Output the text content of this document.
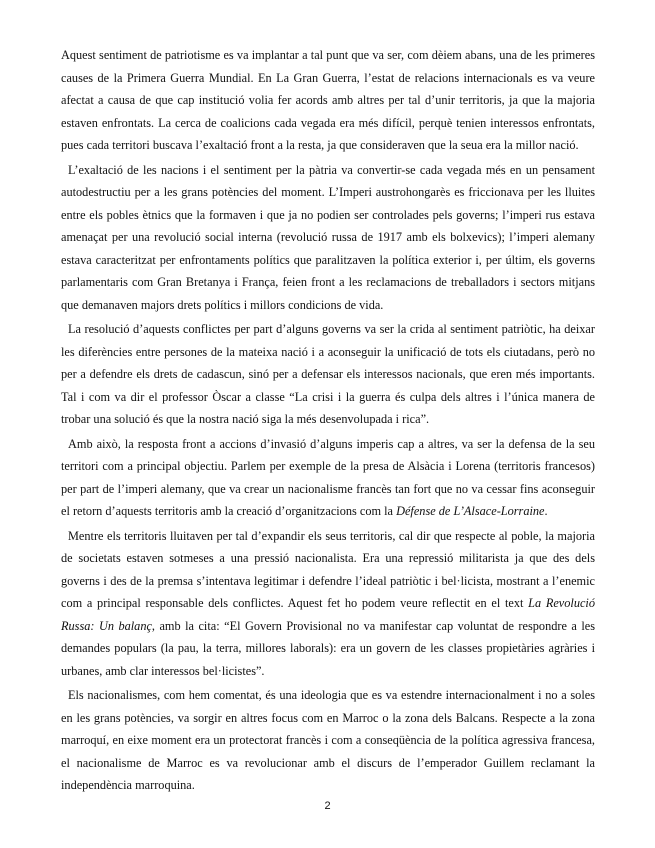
Aquest sentiment de patriotisme es va implantar a tal punt que va ser, com dèiem abans, una de les primeres causes de la Primera Guerra Mundial. En La Gran Guerra, l’estat de relacions internacionals es va veure afectat a causa de que cap institució volia fer acords amb altres per tal d’unir territoris, ja que la majoria estaven enfrontats. La cerca de coalicions cada vegada era més difícil, perquè tenien interessos enfrontats, pues cada territori buscava l’exaltació front a la resta, ja que consideraven que la seua era la millor nació.

L’exaltació de les nacions i el sentiment per la pàtria va convertir-se cada vegada més en un pensament autodestructiu per a les grans potències del moment. L’Imperi austrohongarès es friccionava per les lluites entre els pobles ètnics que la formaven i que ja no podien ser controlades pels governs; l’imperi rus estava amenaçat per una revolució social interna (revolució russa de 1917 amb els bolxevics); l’imperi alemany estava caracteritzat per enfrontaments polítics que paralitzaven la política exterior i, per últim, els governs parlamentaris com Gran Bretanya i França, feien front a les reclamacions de treballadors i sectors mitjans que demanaven majors drets polítics i millors condicions de vida.

La resolució d’aquests conflictes per part d’alguns governs va ser la crida al sentiment patriòtic, ha deixar les diferències entre persones de la mateixa nació i a aconseguir la unificació de tots els ciutadans, però no per a defendre els drets de cadascun, sinó per a defensar els interessos nacionals, que eren més importants. Tal i com va dir el professor Òscar a classe “La crisi i la guerra és culpa dels altres i l’única manera de trobar una solució és que la nostra nació siga la més desenvolupada i rica”.

Amb això, la resposta front a accions d’invasió d’alguns imperis cap a altres, va ser la defensa de la seu territori com a principal objectiu. Parlem per exemple de la presa de Alsàcia i Lorena (territoris francesos) per part de l’imperi alemany, que va crear un nacionalisme francès tan fort que no va cessar fins aconseguir el retorn d’aquests territoris amb la creació d’organitzacions com la Défense de L’Alsace-Lorraine.

Mentre els territoris lluitaven per tal d’expandir els seus territoris, cal dir que respecte al poble, la majoria de societats estaven sotmeses a una pressió nacionalista. Era una repressió militarista ja que des dels governs i des de la premsa s’intentava legitimar i defendre l’ideal patriòtic i bel·licista, mostrant a l’enemic com a principal responsable dels conflictes. Aquest fet ho podem veure reflectit en el text La Revolució Russa: Un balanç, amb la cita: “El Govern Provisional no va manifestar cap voluntat de respondre a les demandes populars (la pau, la terra, millores laborals): era un govern de les classes propietàries agràries i urbanes, amb clar interessos bel·licistes”.

Els nacionalismes, com hem comentat, és una ideologia que es va estendre internacionalment i no a soles en les grans potències, va sorgir en altres focus com en Marroc o la zona dels Balcans. Respecte a la zona marroquí, en eixe moment era un protectorat francès i com a conseqüència de la política agressiva francesa, el nacionalisme de Marroc es va revolucionar amb el discurs de l’emperador Guillem reclamant la independència marroquina.

2
